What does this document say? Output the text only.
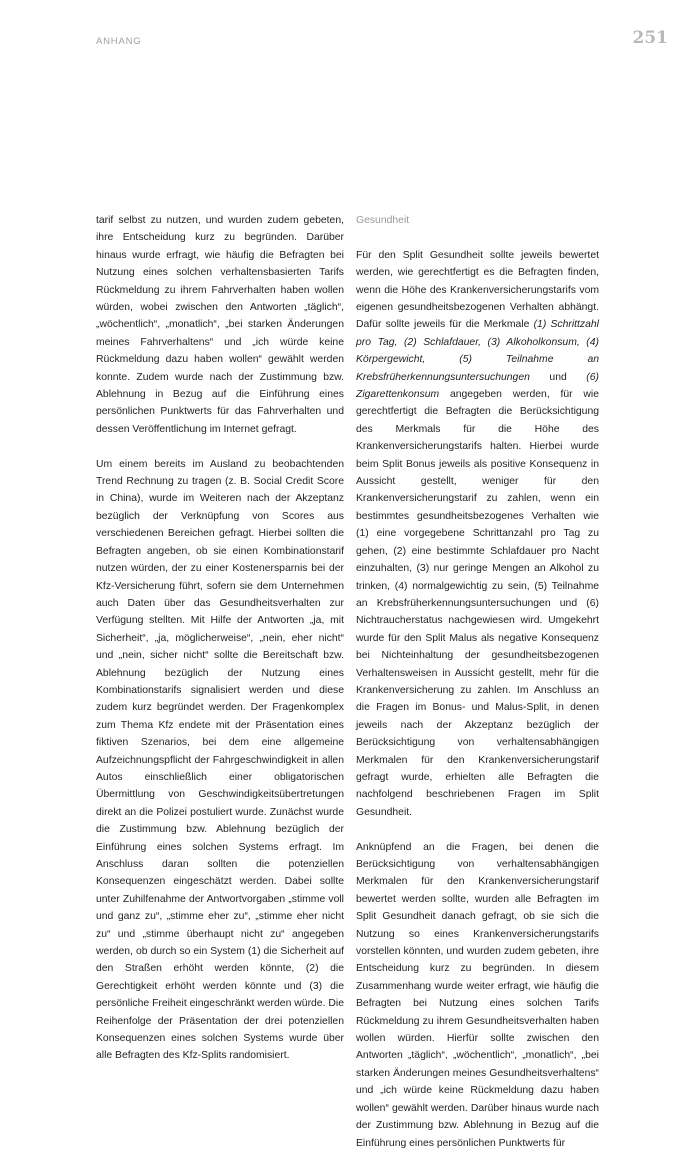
ANHANG	251

tarif selbst zu nutzen, und wurden zudem gebeten, ihre Entscheidung kurz zu begründen. Darüber hinaus wurde erfragt, wie häufig die Befragten bei Nutzung eines solchen verhaltensbasierten Tarifs Rückmeldung zu ihrem Fahrverhalten haben wollen würden, wobei zwischen den Antworten „täglich“, „wöchentlich“, „monatlich“, „bei starken Änderungen meines Fahrverhaltens“ und „ich würde keine Rückmeldung dazu haben wollen“ gewählt werden konnte. Zudem wurde nach der Zustimmung bzw. Ablehnung in Bezug auf die Einführung eines persönlichen Punktwerts für das Fahrverhalten und dessen Veröffentlichung im Internet gefragt.

Um einem bereits im Ausland zu beobachtenden Trend Rechnung zu tragen (z. B. Social Credit Score in China), wurde im Weiteren nach der Akzeptanz bezüglich der Verknüpfung von Scores aus verschiedenen Bereichen gefragt. Hierbei sollten die Befragten angeben, ob sie einen Kombinationstarif nutzen würden, der zu einer Kostenersparnis bei der Kfz-Versicherung führt, sofern sie dem Unternehmen auch Daten über das Gesundheitsverhalten zur Verfügung stellten. Mit Hilfe der Antworten „ja, mit Sicherheit“, „ja, möglicherweise“, „nein, eher nicht“ und „nein, sicher nicht“ sollte die Bereitschaft bzw. Ablehnung bezüglich der Nutzung eines Kombinationstarifs signalisiert werden und diese zudem kurz begründet werden. Der Fragenkomplex zum Thema Kfz endete mit der Präsentation eines fiktiven Szenarios, bei dem eine allgemeine Aufzeichnungspflicht der Fahrgeschwindigkeit in allen Autos einschließlich einer obligatorischen Übermittlung von Geschwindigkeitsübertretungen direkt an die Polizei postuliert wurde. Zunächst wurde die Zustimmung bzw. Ablehnung bezüglich der Einführung eines solchen Systems erfragt. Im Anschluss daran sollten die potenziellen Konsequenzen eingeschätzt werden. Dabei sollte unter Zuhilfenahme der Antwortvorgaben „stimme voll und ganz zu“, „stimme eher zu“, „stimme eher nicht zu“ und „stimme überhaupt nicht zu“ angegeben werden, ob durch so ein System (1) die Sicherheit auf den Straßen erhöht werden könnte, (2) die Gerechtigkeit erhöht werden könnte und (3) die persönliche Freiheit eingeschränkt werden würde. Die Reihenfolge der Präsentation der drei potenziellen Konsequenzen eines solchen Systems wurde über alle Befragten des Kfz-Splits randomisiert.

Gesundheit

Für den Split Gesundheit sollte jeweils bewertet werden, wie gerechtfertigt es die Befragten finden, wenn die Höhe des Krankenversicherungstarifs vom eigenen gesundheitsbezogenen Verhalten abhängt. Dafür sollte jeweils für die Merkmale (1) Schrittzahl pro Tag, (2) Schlafdauer, (3) Alkoholkonsum, (4) Körpergewicht, (5) Teilnahme an Krebsfrüherkennungsuntersuchungen und (6) Zigarettenkonsum angegeben werden, für wie gerechtfertigt die Befragten die Berücksichtigung des Merkmals für die Höhe des Krankenversicherungstarifs halten. Hierbei wurde beim Split Bonus jeweils als positive Konsequenz in Aussicht gestellt, weniger für den Krankenversicherungstarif zu zahlen, wenn ein bestimmtes gesundheitsbezogenes Verhalten wie (1) eine vorgegebene Schrittanzahl pro Tag zu gehen, (2) eine bestimmte Schlafdauer pro Nacht einzuhalten, (3) nur geringe Mengen an Alkohol zu trinken, (4) normalgewichtig zu sein, (5) Teilnahme an Krebsfrüherkennungsuntersuchungen und (6) Nichtraucherstatus nachgewiesen wird. Umgekehrt wurde für den Split Malus als negative Konsequenz bei Nichteinhaltung der gesundheitsbezogenen Verhaltensweisen in Aussicht gestellt, mehr für die Krankenversicherung zu zahlen. Im Anschluss an die Fragen im Bonus- und Malus-Split, in denen jeweils nach der Akzeptanz bezüglich der Berücksichtigung von verhaltensabhängigen Merkmalen für den Krankenversicherungstarif gefragt wurde, erhielten alle Befragten die nachfolgend beschriebenen Fragen im Split Gesundheit.

Anknüpfend an die Fragen, bei denen die Berücksichtigung von verhaltensabhängigen Merkmalen für den Krankenversicherungstarif bewertet werden sollte, wurden alle Befragten im Split Gesundheit danach gefragt, ob sie sich die Nutzung so eines Krankenversicherungstarifs vorstellen könnten, und wurden zudem gebeten, ihre Entscheidung kurz zu begründen. In diesem Zusammenhang wurde weiter erfragt, wie häufig die Befragten bei Nutzung eines solchen Tarifs Rückmeldung zu ihrem Gesundheitsverhalten haben wollen würden. Hierfür sollte zwischen den Antworten „täglich“, „wöchentlich“, „monatlich“, „bei starken Änderungen meines Gesundheitsverhaltens“ und „ich würde keine Rückmeldung dazu haben wollen“ gewählt werden. Darüber hinaus wurde nach der Zustimmung bzw. Ablehnung in Bezug auf die Einführung eines persönlichen Punktwerts für
